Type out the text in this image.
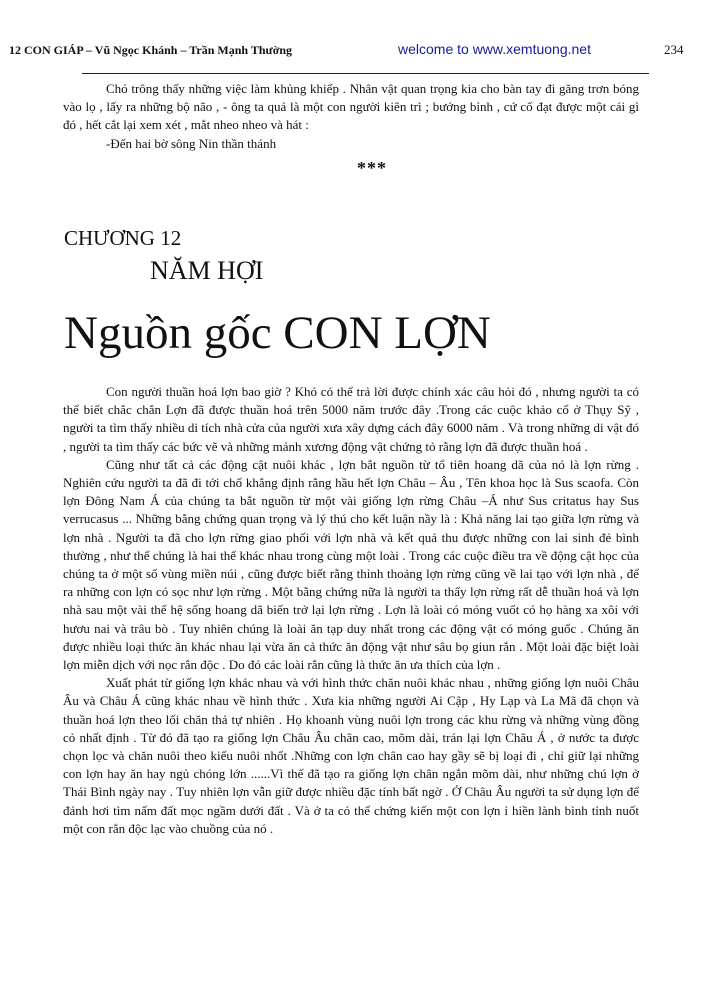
12 CON GIÁP – Vũ Ngọc Khánh – Trần Mạnh Thường	welcome to www.xemtuong.net	234

Chó trông thấy những việc làm khủng khiếp . Nhân vật quan trọng kia cho bàn tay đi găng trơn bóng vào lọ , lấy ra những bộ não , - ông ta quả là một con người kiên trì ; bướng bỉnh , cứ cố đạt được một cái gì đó , hết cắt lại xem xét , mắt nheo nheo và hát :

-Đến hai bờ sông Nin thần thánh

***
CHƯƠNG 12
NĂM HỢI
Nguồn gốc CON LỢN

Con người thuần hoá lợn bao giờ ? Khó có thể trả lời được chính xác câu hỏi đó , nhưng người ta có thể biết chắc chắn Lợn đã được thuần hoá trên 5000 năm trước đây .Trong các cuộc khảo cổ ở Thụy Sỹ , người ta tìm thấy nhiều di tích nhà cửa của người xưa xây dựng cách đây 6000 năm . Và trong những di vật đó , người ta tìm thấy các bức vẽ và những mảnh xương động vật chứng tỏ rằng lợn đã được thuần hoá .

Cũng như tất cả các động cật nuôi khác , lợn bắt nguồn từ tổ tiên hoang dã của nó là lợn rừng . Nghiên cứu người ta đã đi tới chổ khẳng định rằng hầu hết lợn Châu – Âu , Tên khoa học là Sus scaofa. Còn lợn Đông Nam Á của chúng ta bắt nguồn từ một vài giống lợn rừng Châu –Á như Sus critatus hay Sus verrucasus ... Những bằng chứng quan trọng và lý thú cho kết luận nầy là : Khả năng lai tạo giữa lợn rừng và lợn nhà . Người ta đã cho lợn rừng giao phối với lợn nhà và kết quả thu được những con lai sinh đẻ bình thường , như thể chúng là hai thể khác nhau trong cùng một loài . Trong các cuộc điều tra về động cật học của chúng ta ở một số vùng miền núi , cũng được biết rằng thỉnh thoảng lợn rừng cũng về lai tạo với lợn nhà , để ra những con lợn có sọc như lợn rừng . Một bằng chứng nữa là người ta thấy lợn rừng rất dễ thuần hoá và lợn nhà sau một vài thế hệ sống hoang dã biến trở lại lợn rừng . Lợn là loài có móng vuốt có họ hàng xa xôi với hươu nai và trâu bò . Tuy nhiên chúng là loài ăn tạp duy nhất trong các động vật có móng guốc . Chúng ăn được nhiều loại thức ăn khác nhau lại vừa ăn cả thức ăn động vật như sâu bọ giun rắn . Một loài đặc biệt loài lợn miễn dịch với nọc rắn độc . Do đó các loài rắn cũng là thức ăn ưa thích của lợn .

Xuất phát từ giống lợn khác nhau và với hình thức chăn nuôi khác nhau , những giống lợn nuôi Châu Âu và Châu Á cũng khác nhau về hình thức . Xưa kia những người Ai Cập , Hy Lạp và La Mã đã chọn và thuần hoá lợn theo lối chăn thả tự nhiên . Họ khoanh vùng nuôi lợn trong các khu rừng và những vùng đồng cỏ nhất định . Từ đó đã tạo ra giống lợn Châu Âu chân cao, mõm dài, trán lại lợn Châu Á , ở nước ta được chọn lọc và chăn nuôi theo kiểu nuôi nhốt .Những con lợn chân cao hay gầy sẽ bị loại đi , chỉ giữ lại những con lợn hay ăn hay ngủ chóng lớn ......Vì thế đã tạo ra giống lợn chân ngắn mõm dài, như những chú lợn ở Thái Bình ngày nay . Tuy nhiên lợn vẫn giữ được nhiều đặc tính bất ngờ . Ở Châu Âu người ta sử dụng lợn để đánh hơi tìm nấm đất mọc ngầm dưới đất . Và ở ta có thể chứng kiến một con lợn ỉ hiền lành bình tỉnh nuốt một con rắn độc lạc vào chuồng của nó .
